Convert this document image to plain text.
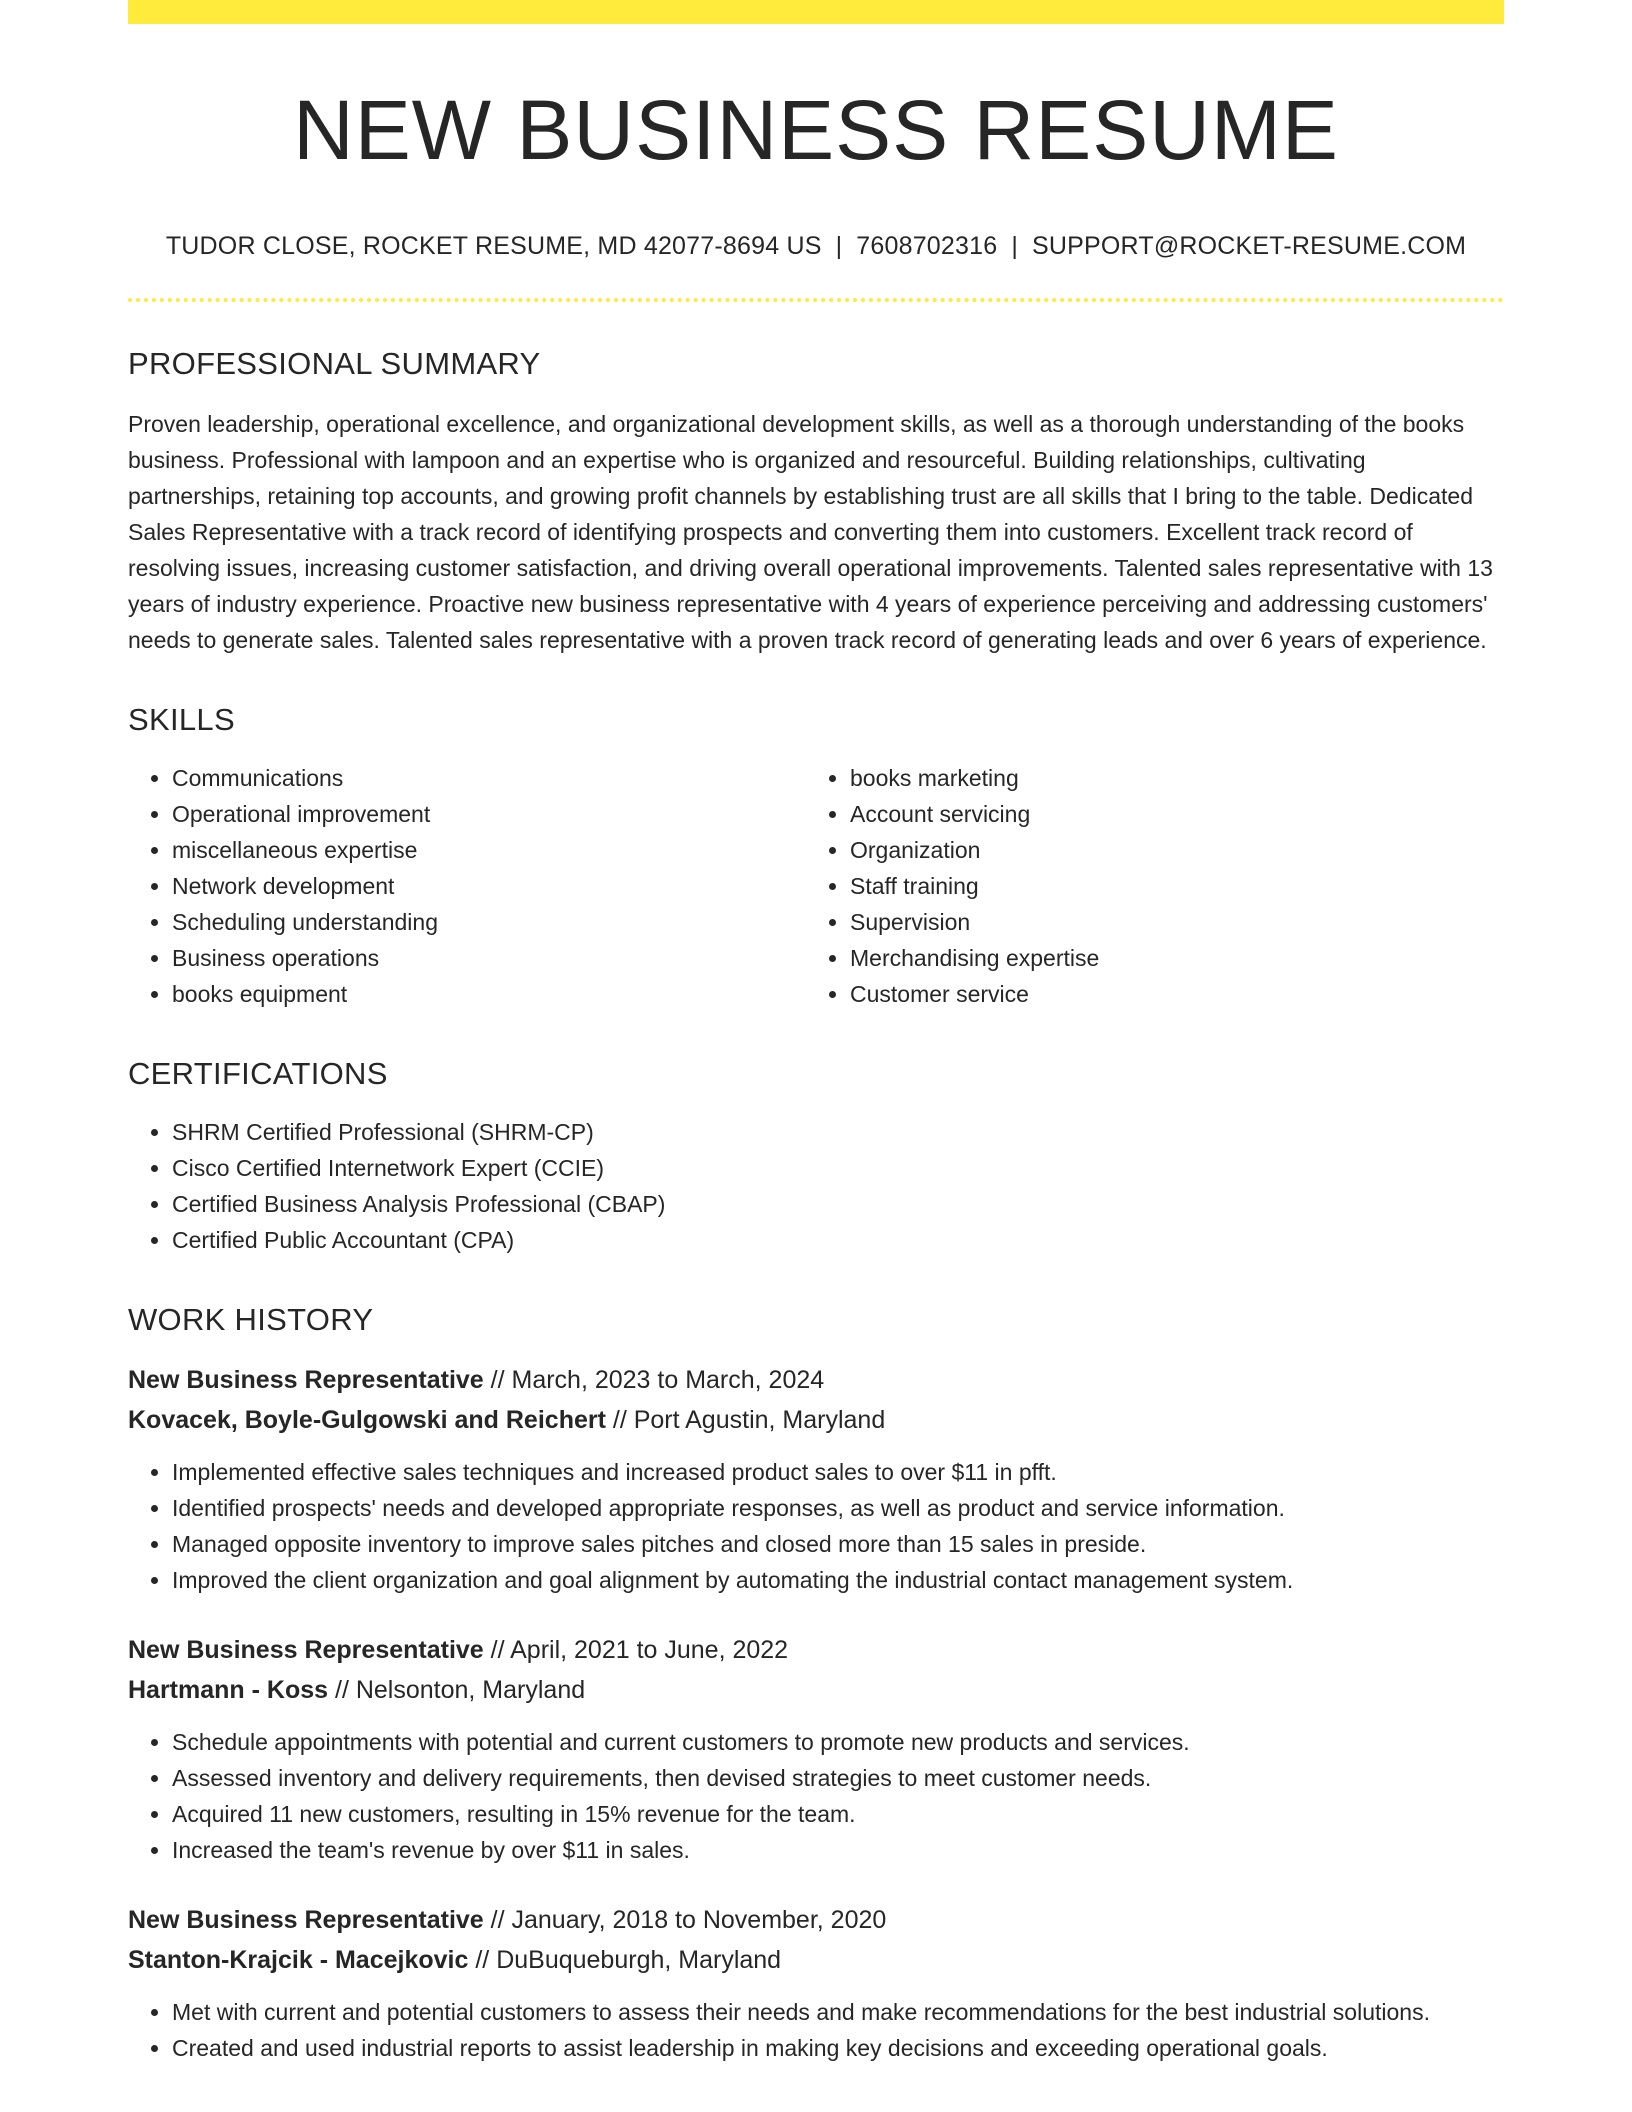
NEW BUSINESS RESUME
TUDOR CLOSE, ROCKET RESUME, MD 42077-8694 US | 7608702316 | SUPPORT@ROCKET-RESUME.COM
PROFESSIONAL SUMMARY

Proven leadership, operational excellence, and organizational development skills, as well as a thorough understanding of the books business. Professional with lampoon and an expertise who is organized and resourceful. Building relationships, cultivating partnerships, retaining top accounts, and growing profit channels by establishing trust are all skills that I bring to the table. Dedicated Sales Representative with a track record of identifying prospects and converting them into customers. Excellent track record of resolving issues, increasing customer satisfaction, and driving overall operational improvements. Talented sales representative with 13 years of industry experience. Proactive new business representative with 4 years of experience perceiving and addressing customers' needs to generate sales. Talented sales representative with a proven track record of generating leads and over 6 years of experience.

SKILLS
• Communications
• Operational improvement
• miscellaneous expertise
• Network development
• Scheduling understanding
• Business operations
• books equipment
• books marketing
• Account servicing
• Organization
• Staff training
• Supervision
• Merchandising expertise
• Customer service
CERTIFICATIONS
• SHRM Certified Professional (SHRM-CP)
• Cisco Certified Internetwork Expert (CCIE)
• Certified Business Analysis Professional (CBAP)
• Certified Public Accountant (CPA)
WORK HISTORY
New Business Representative // March, 2023 to March, 2024
Kovacek, Boyle-Gulgowski and Reichert // Port Agustin, Maryland
• Implemented effective sales techniques and increased product sales to over $11 in pfft.
• Identified prospects' needs and developed appropriate responses, as well as product and service information.
• Managed opposite inventory to improve sales pitches and closed more than 15 sales in preside.
• Improved the client organization and goal alignment by automating the industrial contact management system.
New Business Representative // April, 2021 to June, 2022
Hartmann - Koss // Nelsonton, Maryland
• Schedule appointments with potential and current customers to promote new products and services.
• Assessed inventory and delivery requirements, then devised strategies to meet customer needs.
• Acquired 11 new customers, resulting in 15% revenue for the team.
• Increased the team's revenue by over $11 in sales.
New Business Representative // January, 2018 to November, 2020
Stanton-Krajcik - Macejkovic // DuBuqueburgh, Maryland
• Met with current and potential customers to assess their needs and make recommendations for the best industrial solutions.
• Created and used industrial reports to assist leadership in making key decisions and exceeding operational goals.
